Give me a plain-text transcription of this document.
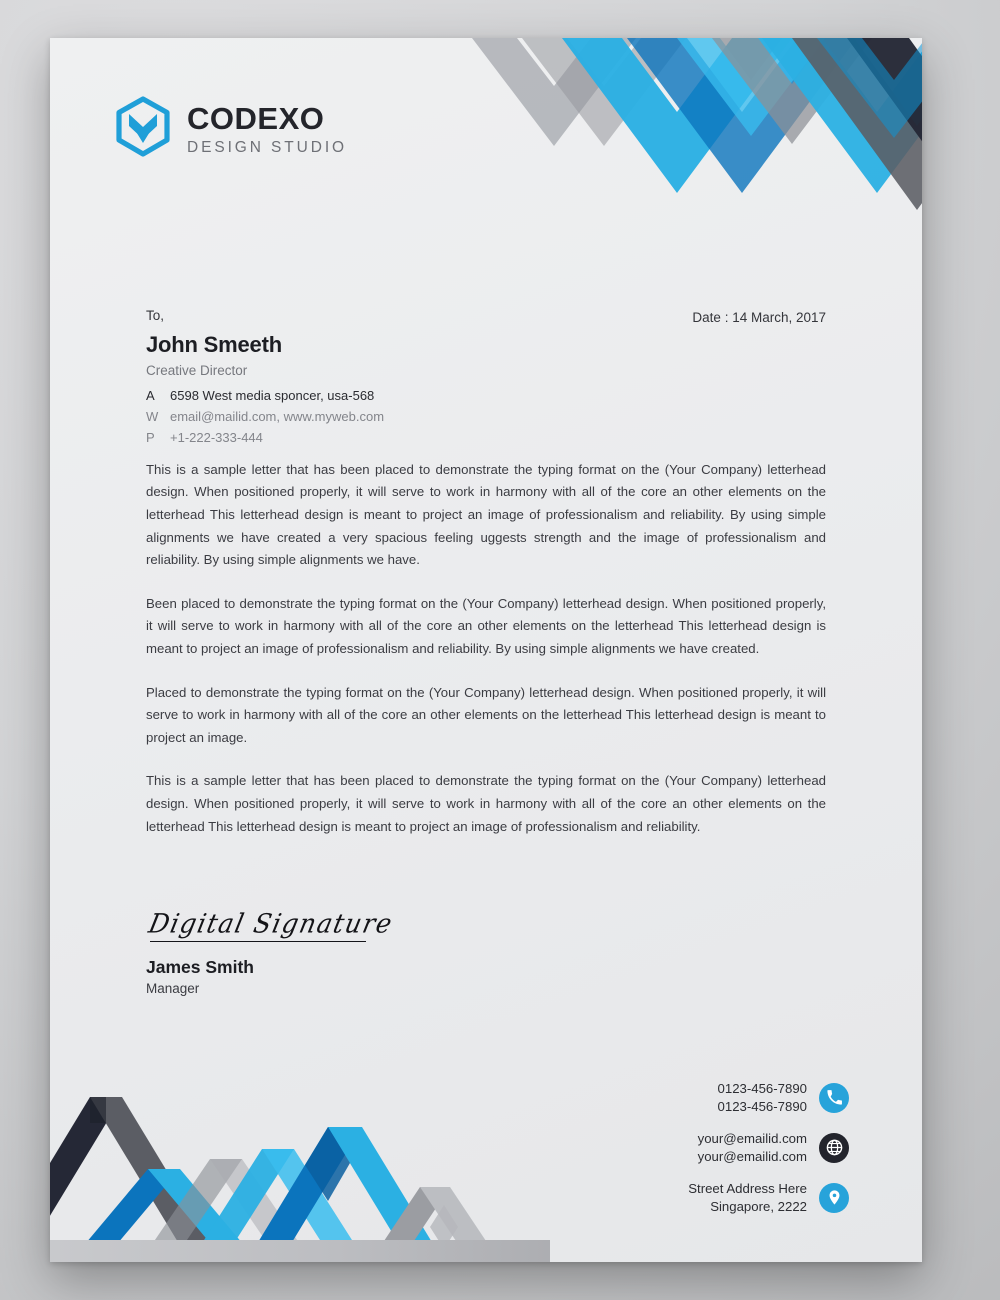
CODEXO
DESIGN STUDIO
To,	Date : 14 March, 2017
John Smeeth
Creative Director
A	6598 West media sponcer, usa-568
W email@mailid.com, www.myweb.com
P	+1-222-333-444

This is a sample letter that has been placed to demonstrate the typing format on the (Your Company) letterhead design. When positioned properly, it will serve to work in harmony with all of the core an other elements on the letterhead This letterhead design is meant to project an image of professionalism and reliability. By using simple alignments we have created a very spacious feeling uggests strength and the image of professionalism and reliability. By using simple alignments we have.

Been placed to demonstrate the typing format on the (Your Company) letterhead design. When positioned properly, it will serve to work in harmony with all of the core an other elements on the letterhead This letterhead design is meant to project an image of professionalism and reliability. By using simple alignments we have created.

Placed to demonstrate the typing format on the (Your Company) letterhead design. When positioned properly, it will serve to work in harmony with all of the core an other elements on the letterhead This letterhead design is meant to project an image.

This is a sample letter that has been placed to demonstrate the typing format on the (Your Company) letterhead design. When positioned properly, it will serve to work in harmony with all of the core an other elements on the letterhead This letterhead design is meant to project an image of professionalism and reliability.

Digital Signature
James Smith
Manager
0123-456-7890
0123-456-7890
your@emailid.com
your@emailid.com
Street Address Here
Singapore, 2222
